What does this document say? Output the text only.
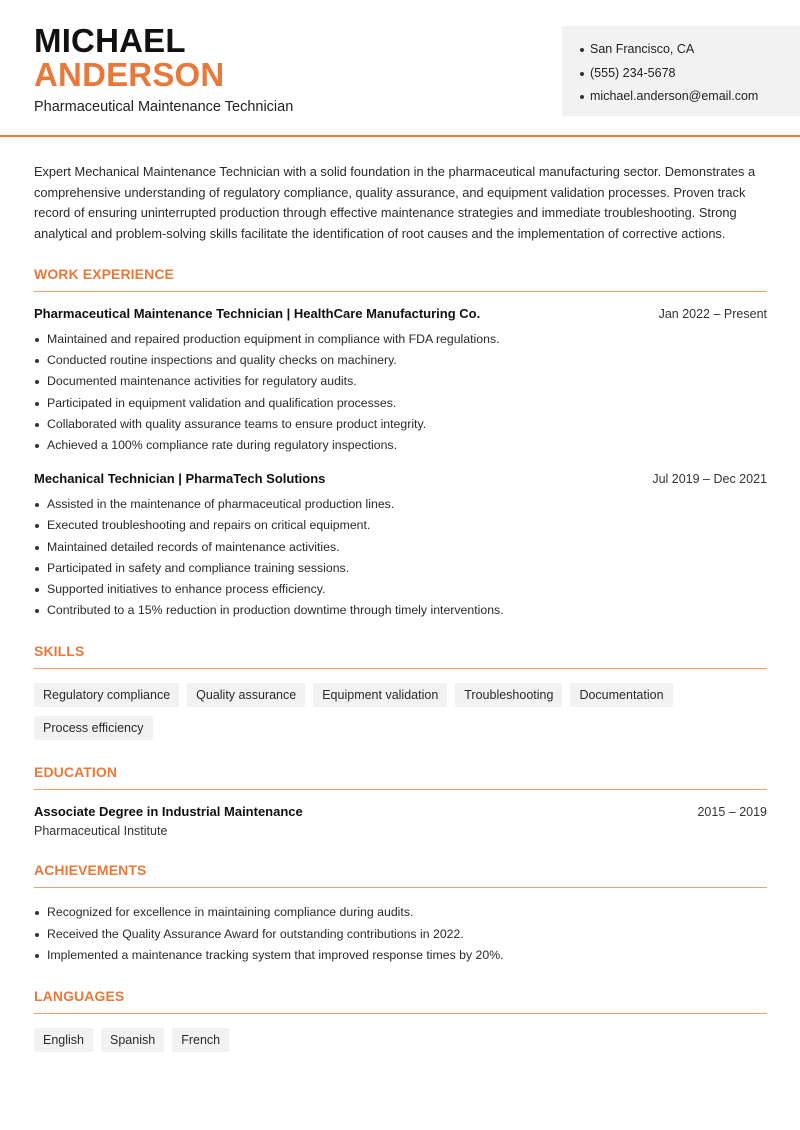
MICHAEL
ANDERSON
Pharmaceutical Maintenance Technician
San Francisco, CA
(555) 234-5678
michael.anderson@email.com

Expert Mechanical Maintenance Technician with a solid foundation in the pharmaceutical manufacturing sector. Demonstrates a comprehensive understanding of regulatory compliance, quality assurance, and equipment validation processes. Proven track record of ensuring uninterrupted production through effective maintenance strategies and immediate troubleshooting. Strong analytical and problem-solving skills facilitate the identification of root causes and the implementation of corrective actions.

WORK EXPERIENCE
Pharmaceutical Maintenance Technician | HealthCare Manufacturing Co.	Jan 2022 – Present
Maintained and repaired production equipment in compliance with FDA regulations.
Conducted routine inspections and quality checks on machinery.
Documented maintenance activities for regulatory audits.
Participated in equipment validation and qualification processes.
Collaborated with quality assurance teams to ensure product integrity.
Achieved a 100% compliance rate during regulatory inspections.
Mechanical Technician | PharmaTech Solutions	Jul 2019 – Dec 2021
Assisted in the maintenance of pharmaceutical production lines.
Executed troubleshooting and repairs on critical equipment.
Maintained detailed records of maintenance activities.
Participated in safety and compliance training sessions.
Supported initiatives to enhance process efficiency.
Contributed to a 15% reduction in production downtime through timely interventions.
SKILLS
Regulatory compliance	Quality assurance	Equipment validation	Troubleshooting	Documentation
Process efficiency
EDUCATION
Associate Degree in Industrial Maintenance	2015 – 2019
Pharmaceutical Institute
ACHIEVEMENTS
Recognized for excellence in maintaining compliance during audits.
Received the Quality Assurance Award for outstanding contributions in 2022.
Implemented a maintenance tracking system that improved response times by 20%.
LANGUAGES
English	Spanish	French
